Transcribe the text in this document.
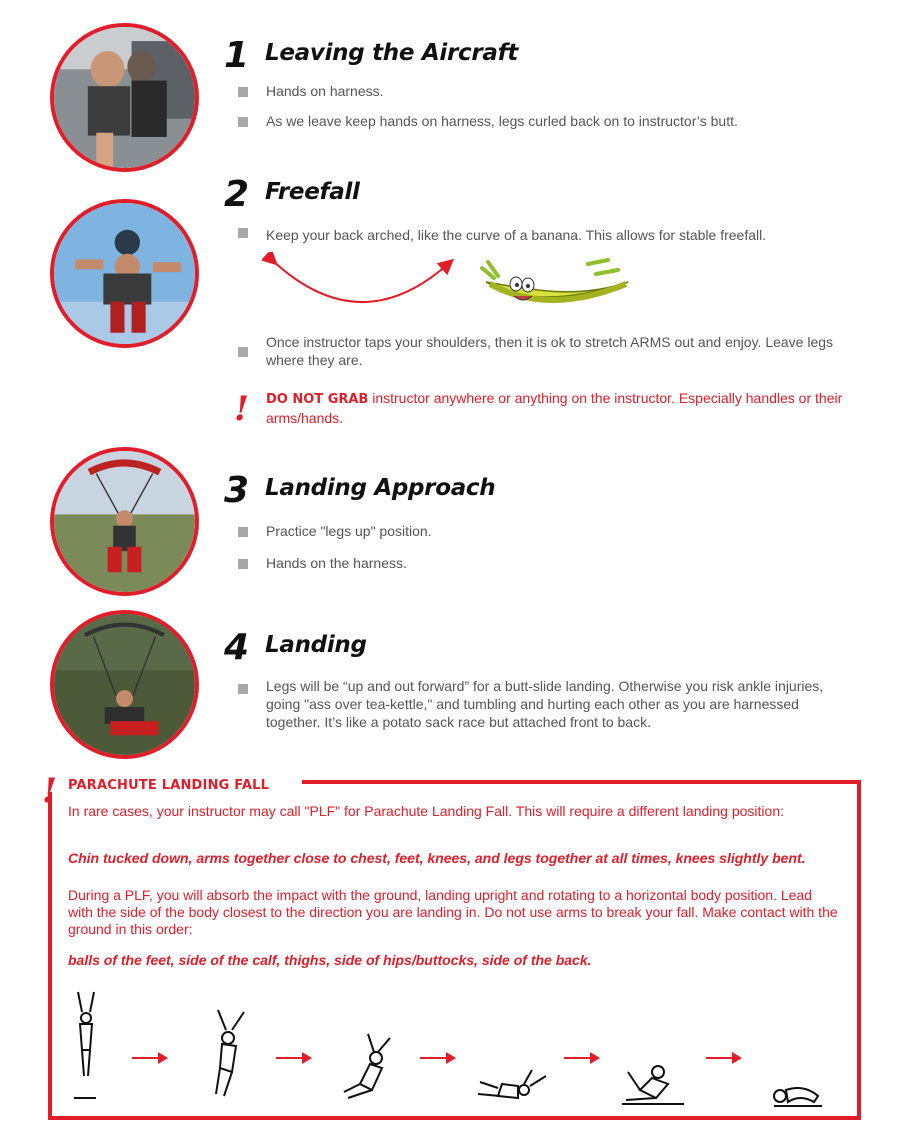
1 Leaving the Aircraft
Hands on harness.
As we leave keep hands on harness, legs curled back on to instructor’s butt.
2 Freefall
Keep your back arched, like the curve of a banana. This allows for stable freefall.
Once instructor taps your shoulders, then it is ok to stretch ARMS out and enjoy. Leave legs where they are.
! DO NOT GRAB instructor anywhere or anything on the instructor. Especially handles or their arms/hands.
3 Landing Approach
Practice "legs up" position.
Hands on the harness.
4 Landing
Legs will be “up and out forward” for a butt-slide landing. Otherwise you risk ankle injuries, going "ass over tea-kettle," and tumbling and hurting each other as you are harnessed together. It’s like a potato sack race but attached front to back.
! PARACHUTE LANDING FALL
In rare cases, your instructor may call "PLF" for Parachute Landing Fall. This will require a different landing position:
Chin tucked down, arms together close to chest, feet, knees, and legs together at all times, knees slightly bent.
During a PLF, you will absorb the impact with the ground, landing upright and rotating to a horizontal body position. Lead with the side of the body closest to the direction you are landing in. Do not use arms to break your fall. Make contact with the ground in this order:
balls of the feet, side of the calf, thighs, side of hips/buttocks, side of the back.
